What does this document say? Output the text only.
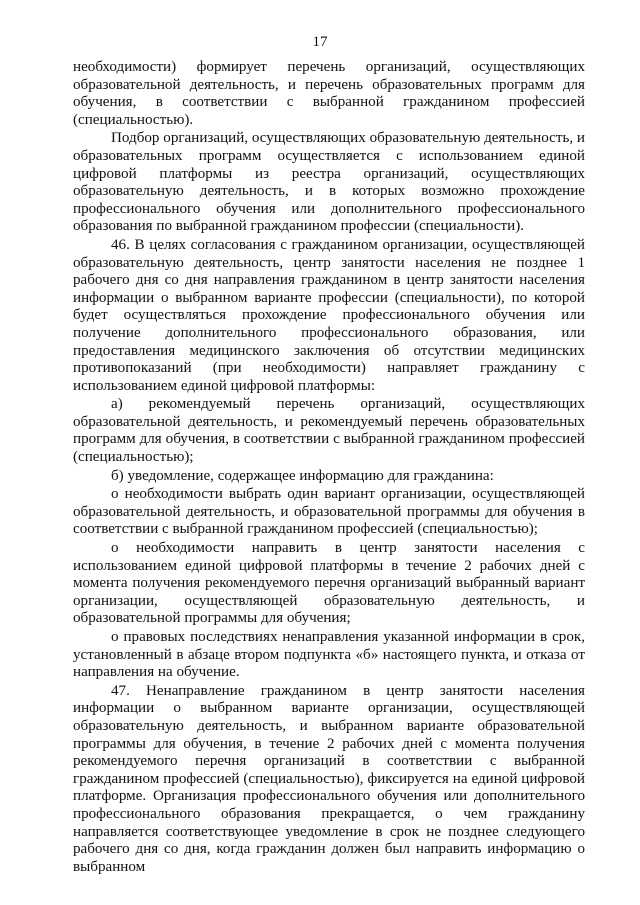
17

необходимости) формирует перечень организаций, осуществляющих образовательной деятельность, и перечень образовательных программ для обучения, в соответствии с выбранной гражданином профессией (специальностью).

Подбор организаций, осуществляющих образовательную деятельность, и образовательных программ осуществляется с использованием единой цифровой платформы из реестра организаций, осуществляющих образовательную деятельность, и в которых возможно прохождение профессионального обучения или дополнительного профессионального образования по выбранной гражданином профессии (специальности).

46. В целях согласования с гражданином организации, осуществляющей образовательную деятельность, центр занятости населения не позднее 1 рабочего дня со дня направления гражданином в центр занятости населения информации о выбранном варианте профессии (специальности), по которой будет осуществляться прохождение профессионального обучения или получение дополнительного профессионального образования, или предоставления медицинского заключения об отсутствии медицинских противопоказаний (при необходимости) направляет гражданину с использованием единой цифровой платформы:

а) рекомендуемый перечень организаций, осуществляющих образовательной деятельность, и рекомендуемый перечень образовательных программ для обучения, в соответствии с выбранной гражданином профессией (специальностью);

б) уведомление, содержащее информацию для гражданина:

о необходимости выбрать один вариант организации, осуществляющей образовательной деятельность, и образовательной программы для обучения в соответствии с выбранной гражданином профессией (специальностью);

о необходимости направить в центр занятости населения с использованием единой цифровой платформы в течение 2 рабочих дней с момента получения рекомендуемого перечня организаций выбранный вариант организации, осуществляющей образовательную деятельность, и образовательной программы для обучения;

о правовых последствиях ненаправления указанной информации в срок, установленный в абзаце втором подпункта «б» настоящего пункта, и отказа от направления на обучение.

47. Ненаправление гражданином в центр занятости населения информации о выбранном варианте организации, осуществляющей образовательную деятельность, и выбранном варианте образовательной программы для обучения, в течение 2 рабочих дней с момента получения рекомендуемого перечня организаций в соответствии с выбранной гражданином профессией (специальностью), фиксируется на единой цифровой платформе. Организация профессионального обучения или дополнительного профессионального образования прекращается, о чем гражданину направляется соответствующее уведомление в срок не позднее следующего рабочего дня со дня, когда гражданин должен был направить информацию о выбранном
